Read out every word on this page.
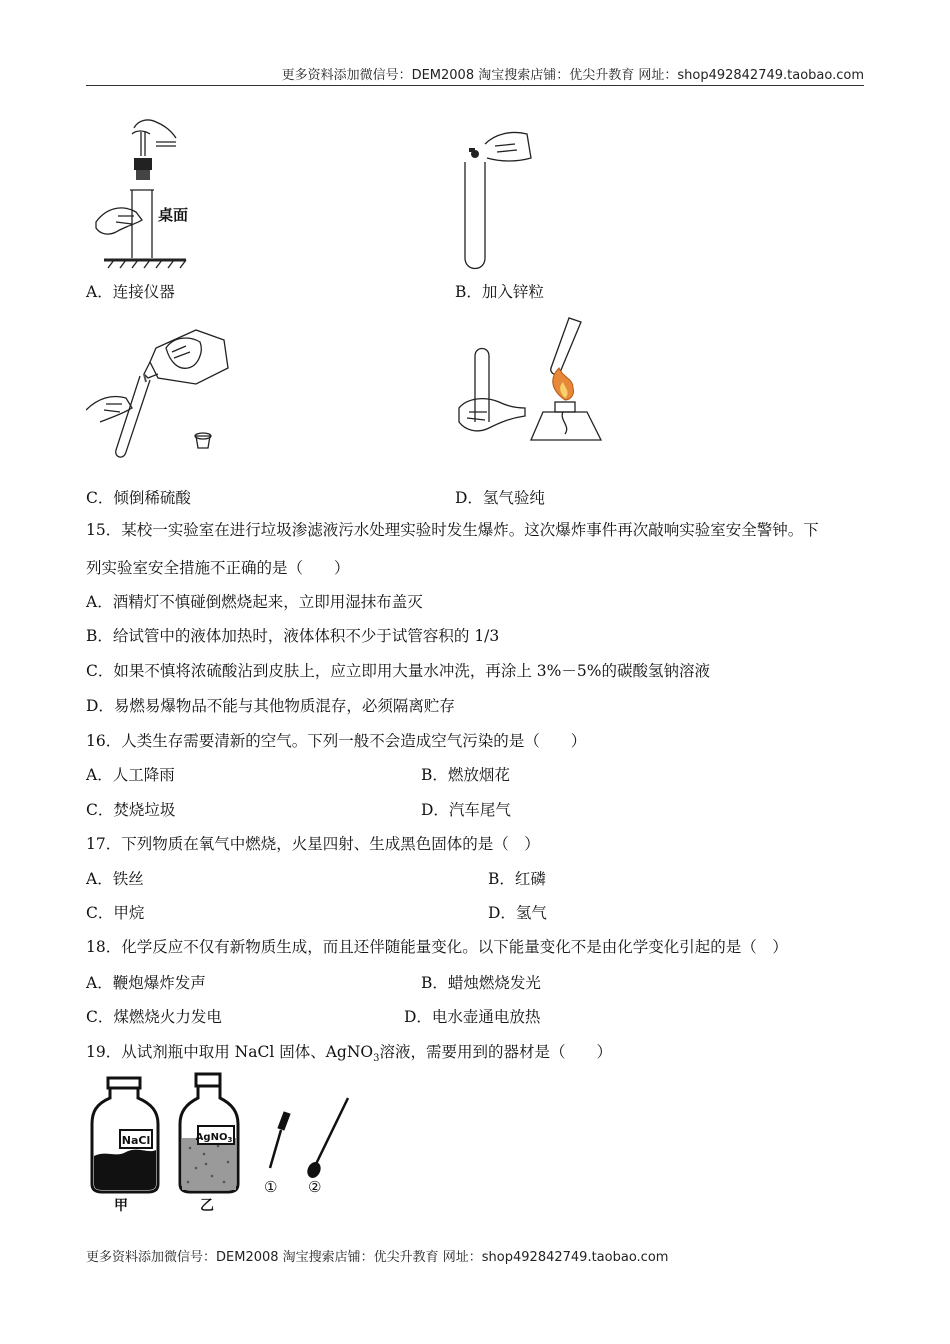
更多资料添加微信号：DEM2008 淘宝搜索店铺：优尖升教育 网址：shop492842749.taobao.com
桌面
A．连接仪器	B．加入锌粒
C．倾倒稀硫酸	D．氢气验纯
15．某校一实验室在进行垃圾渗滤液污水处理实验时发生爆炸。这次爆炸事件再次敲响实验室安全警钟。下
列实验室安全措施不正确的是（　　）
A．酒精灯不慎碰倒燃烧起来，立即用湿抹布盖灭
B．给试管中的液体加热时，液体体积不少于试管容积的 1/3
C．如果不慎将浓硫酸沾到皮肤上，应立即用大量水冲洗，再涂上 3%－5%的碳酸氢钠溶液
D．易燃易爆物品不能与其他物质混存，必须隔离贮存
16．人类生存需要清新的空气。下列一般不会造成空气污染的是（　　）
A．人工降雨	B．燃放烟花
C．焚烧垃圾	D．汽车尾气
17．下列物质在氧气中燃烧，火星四射、生成黑色固体的是（　）
A．铁丝	B．红磷
C．甲烷	D．氢气
18．化学反应不仅有新物质生成，而且还伴随能量变化。以下能量变化不是由化学变化引起的是（　）
A．鞭炮爆炸发声	B．蜡烛燃烧发光
C．煤燃烧火力发电	D．电水壶通电放热
19．从试剂瓶中取用 NaCl 固体、AgNO$_3$溶液，需要用到的器材是（　　）
NaCl
甲
AgNO$_3$
乙
① ②
更多资料添加微信号：DEM2008 淘宝搜索店铺：优尖升教育 网址：shop492842749.taobao.com
